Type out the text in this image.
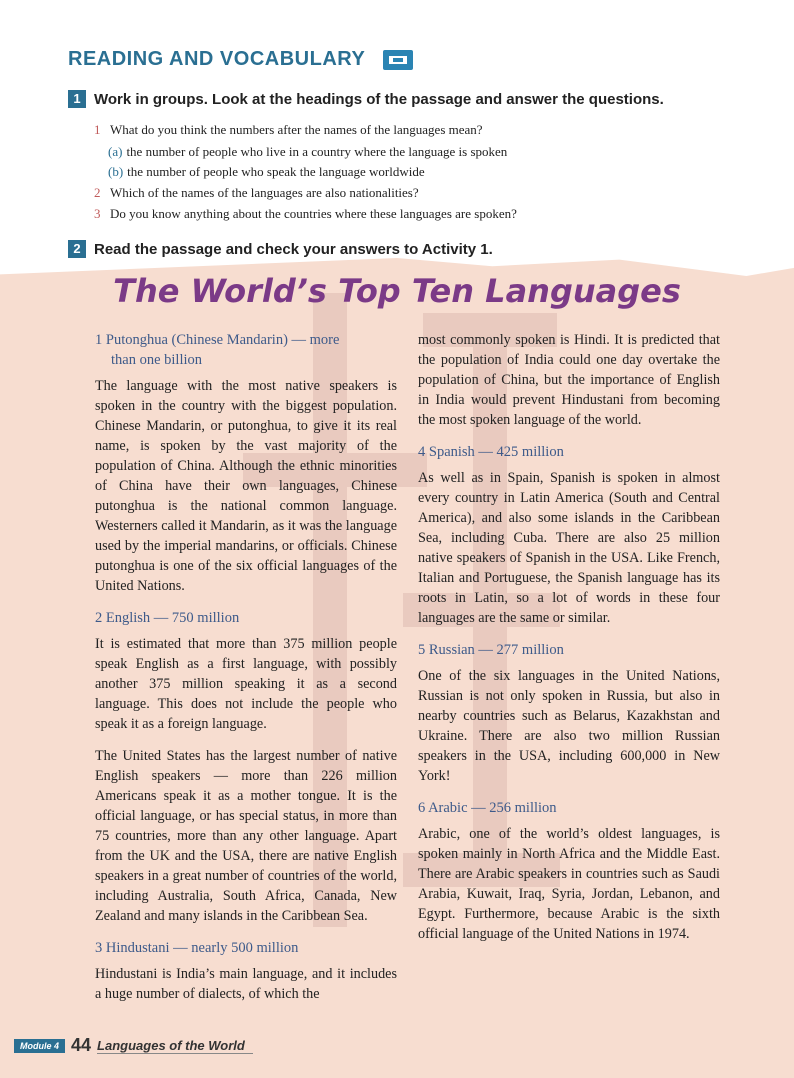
READING AND VOCABULARY
1 Work in groups. Look at the headings of the passage and answer the questions.
1 What do you think the numbers after the names of the languages mean?
(a) the number of people who live in a country where the language is spoken
(b) the number of people who speak the language worldwide
2 Which of the names of the languages are also nationalities?
3 Do you know anything about the countries where these languages are spoken?
2 Read the passage and check your answers to Activity 1.
The World’s Top Ten Languages
1 Putonghua (Chinese Mandarin) — more
than one billion

The language with the most native speakers is spoken in the country with the biggest population. Chinese Mandarin, or putonghua, to give it its real name, is spoken by the vast majority of the population of China. Although the ethnic minorities of China have their own languages, Chinese putonghua is the national common language. Westerners called it Mandarin, as it was the language used by the imperial mandarins, or officials. Chinese putonghua is one of the six official languages of the United Nations.

2 English — 750 million

It is estimated that more than 375 million people speak English as a first language, with possibly another 375 million speaking it as a second language. This does not include the people who speak it as a foreign language.

The United States has the largest number of native English speakers — more than 226 million Americans speak it as a mother tongue. It is the official language, or has special status, in more than 75 countries, more than any other language. Apart from the UK and the USA, there are native English speakers in a great number of countries of the world, including Australia, South Africa, Canada, New Zealand and many islands in the Caribbean Sea.

3 Hindustani — nearly 500 million

Hindustani is India’s main language, and it includes a huge number of dialects, of which the

most commonly spoken is Hindi. It is predicted that the population of India could one day overtake the population of China, but the importance of English in India would prevent Hindustani from becoming the most spoken language of the world.

4 Spanish — 425 million

As well as in Spain, Spanish is spoken in almost every country in Latin America (South and Central America), and also some islands in the Caribbean Sea, including Cuba. There are also 25 million native speakers of Spanish in the USA. Like French, Italian and Portuguese, the Spanish language has its roots in Latin, so a lot of words in these four languages are the same or similar.

5 Russian — 277 million

One of the six languages in the United Nations, Russian is not only spoken in Russia, but also in nearby countries such as Belarus, Kazakhstan and Ukraine. There are also two million Russian speakers in the USA, including 600,000 in New York!

6 Arabic — 256 million

Arabic, one of the world’s oldest languages, is spoken mainly in North Africa and the Middle East. There are Arabic speakers in countries such as Saudi Arabia, Kuwait, Iraq, Syria, Jordan, Lebanon, and Egypt. Furthermore, because Arabic is the sixth official language of the United Nations in 1974.

Module 4 44 Languages of the World
